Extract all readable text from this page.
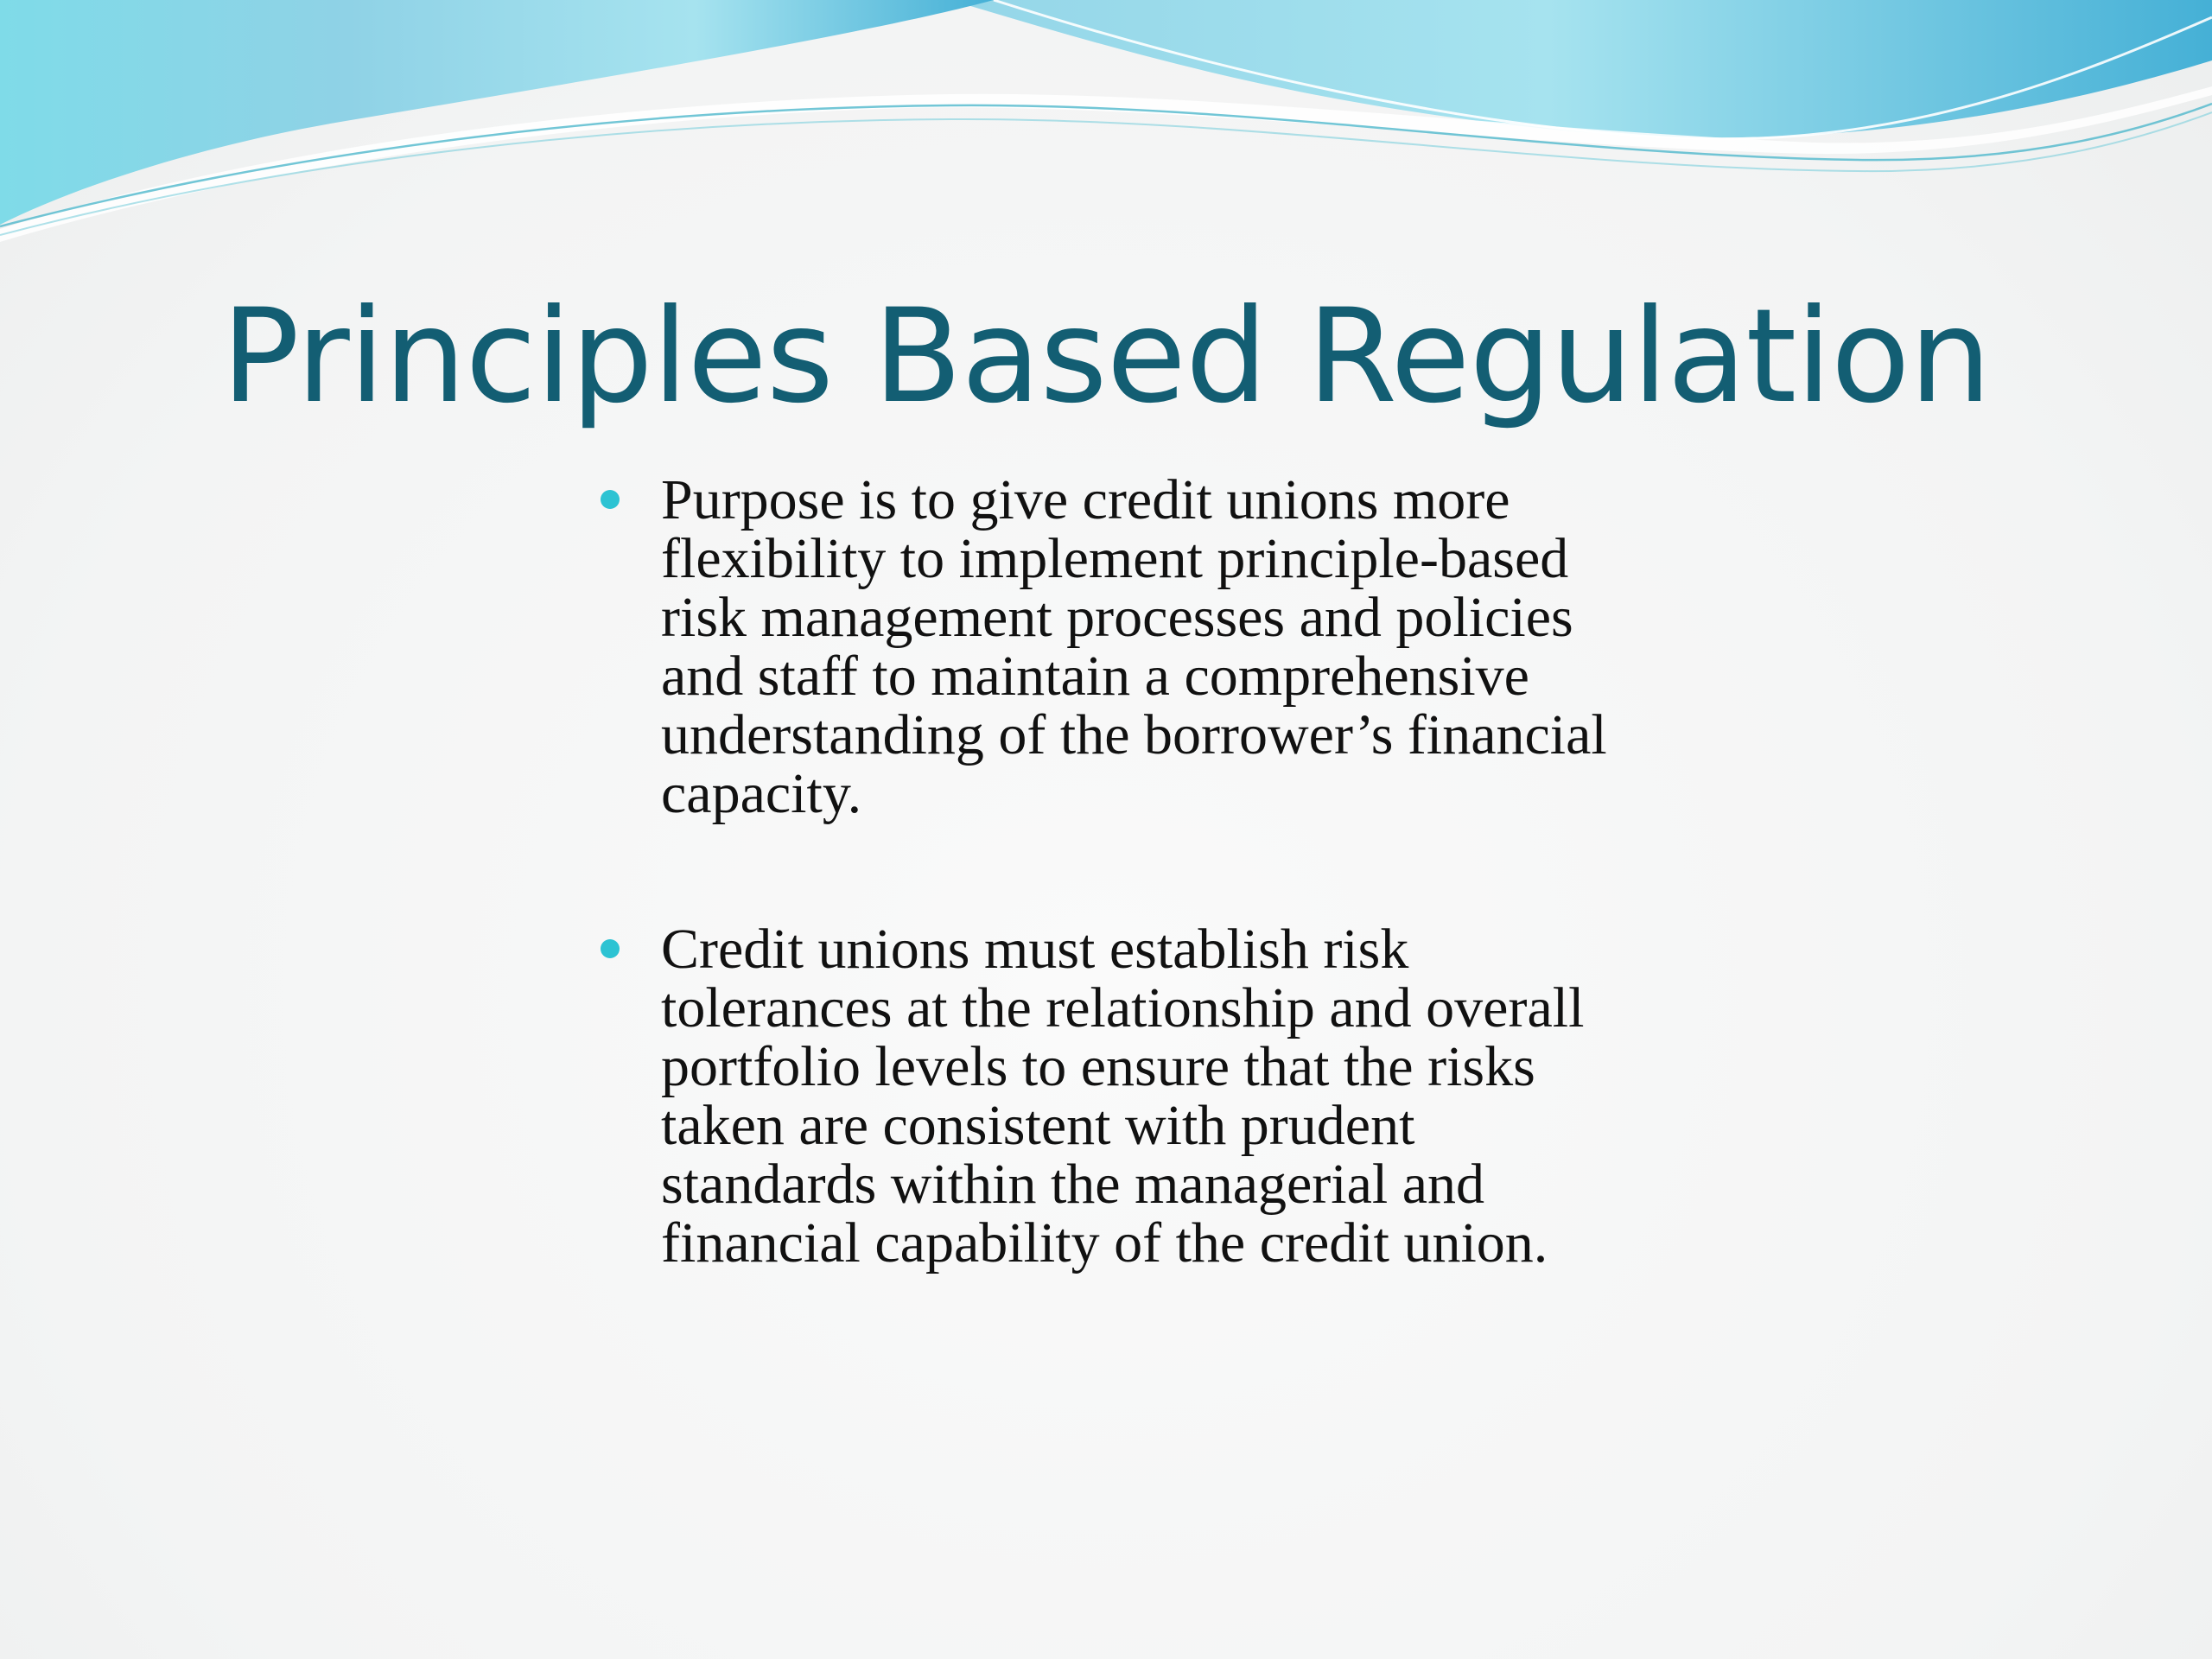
Principles Based Regulation
Purpose is to give credit unions more flexibility to implement principle-based risk management processes and policies and staff to maintain a comprehensive understanding of the borrower’s financial capacity.
Credit unions must establish risk tolerances at the relationship and overall portfolio levels to ensure that the risks taken are consistent with prudent standards within the managerial and financial capability of the credit union.
